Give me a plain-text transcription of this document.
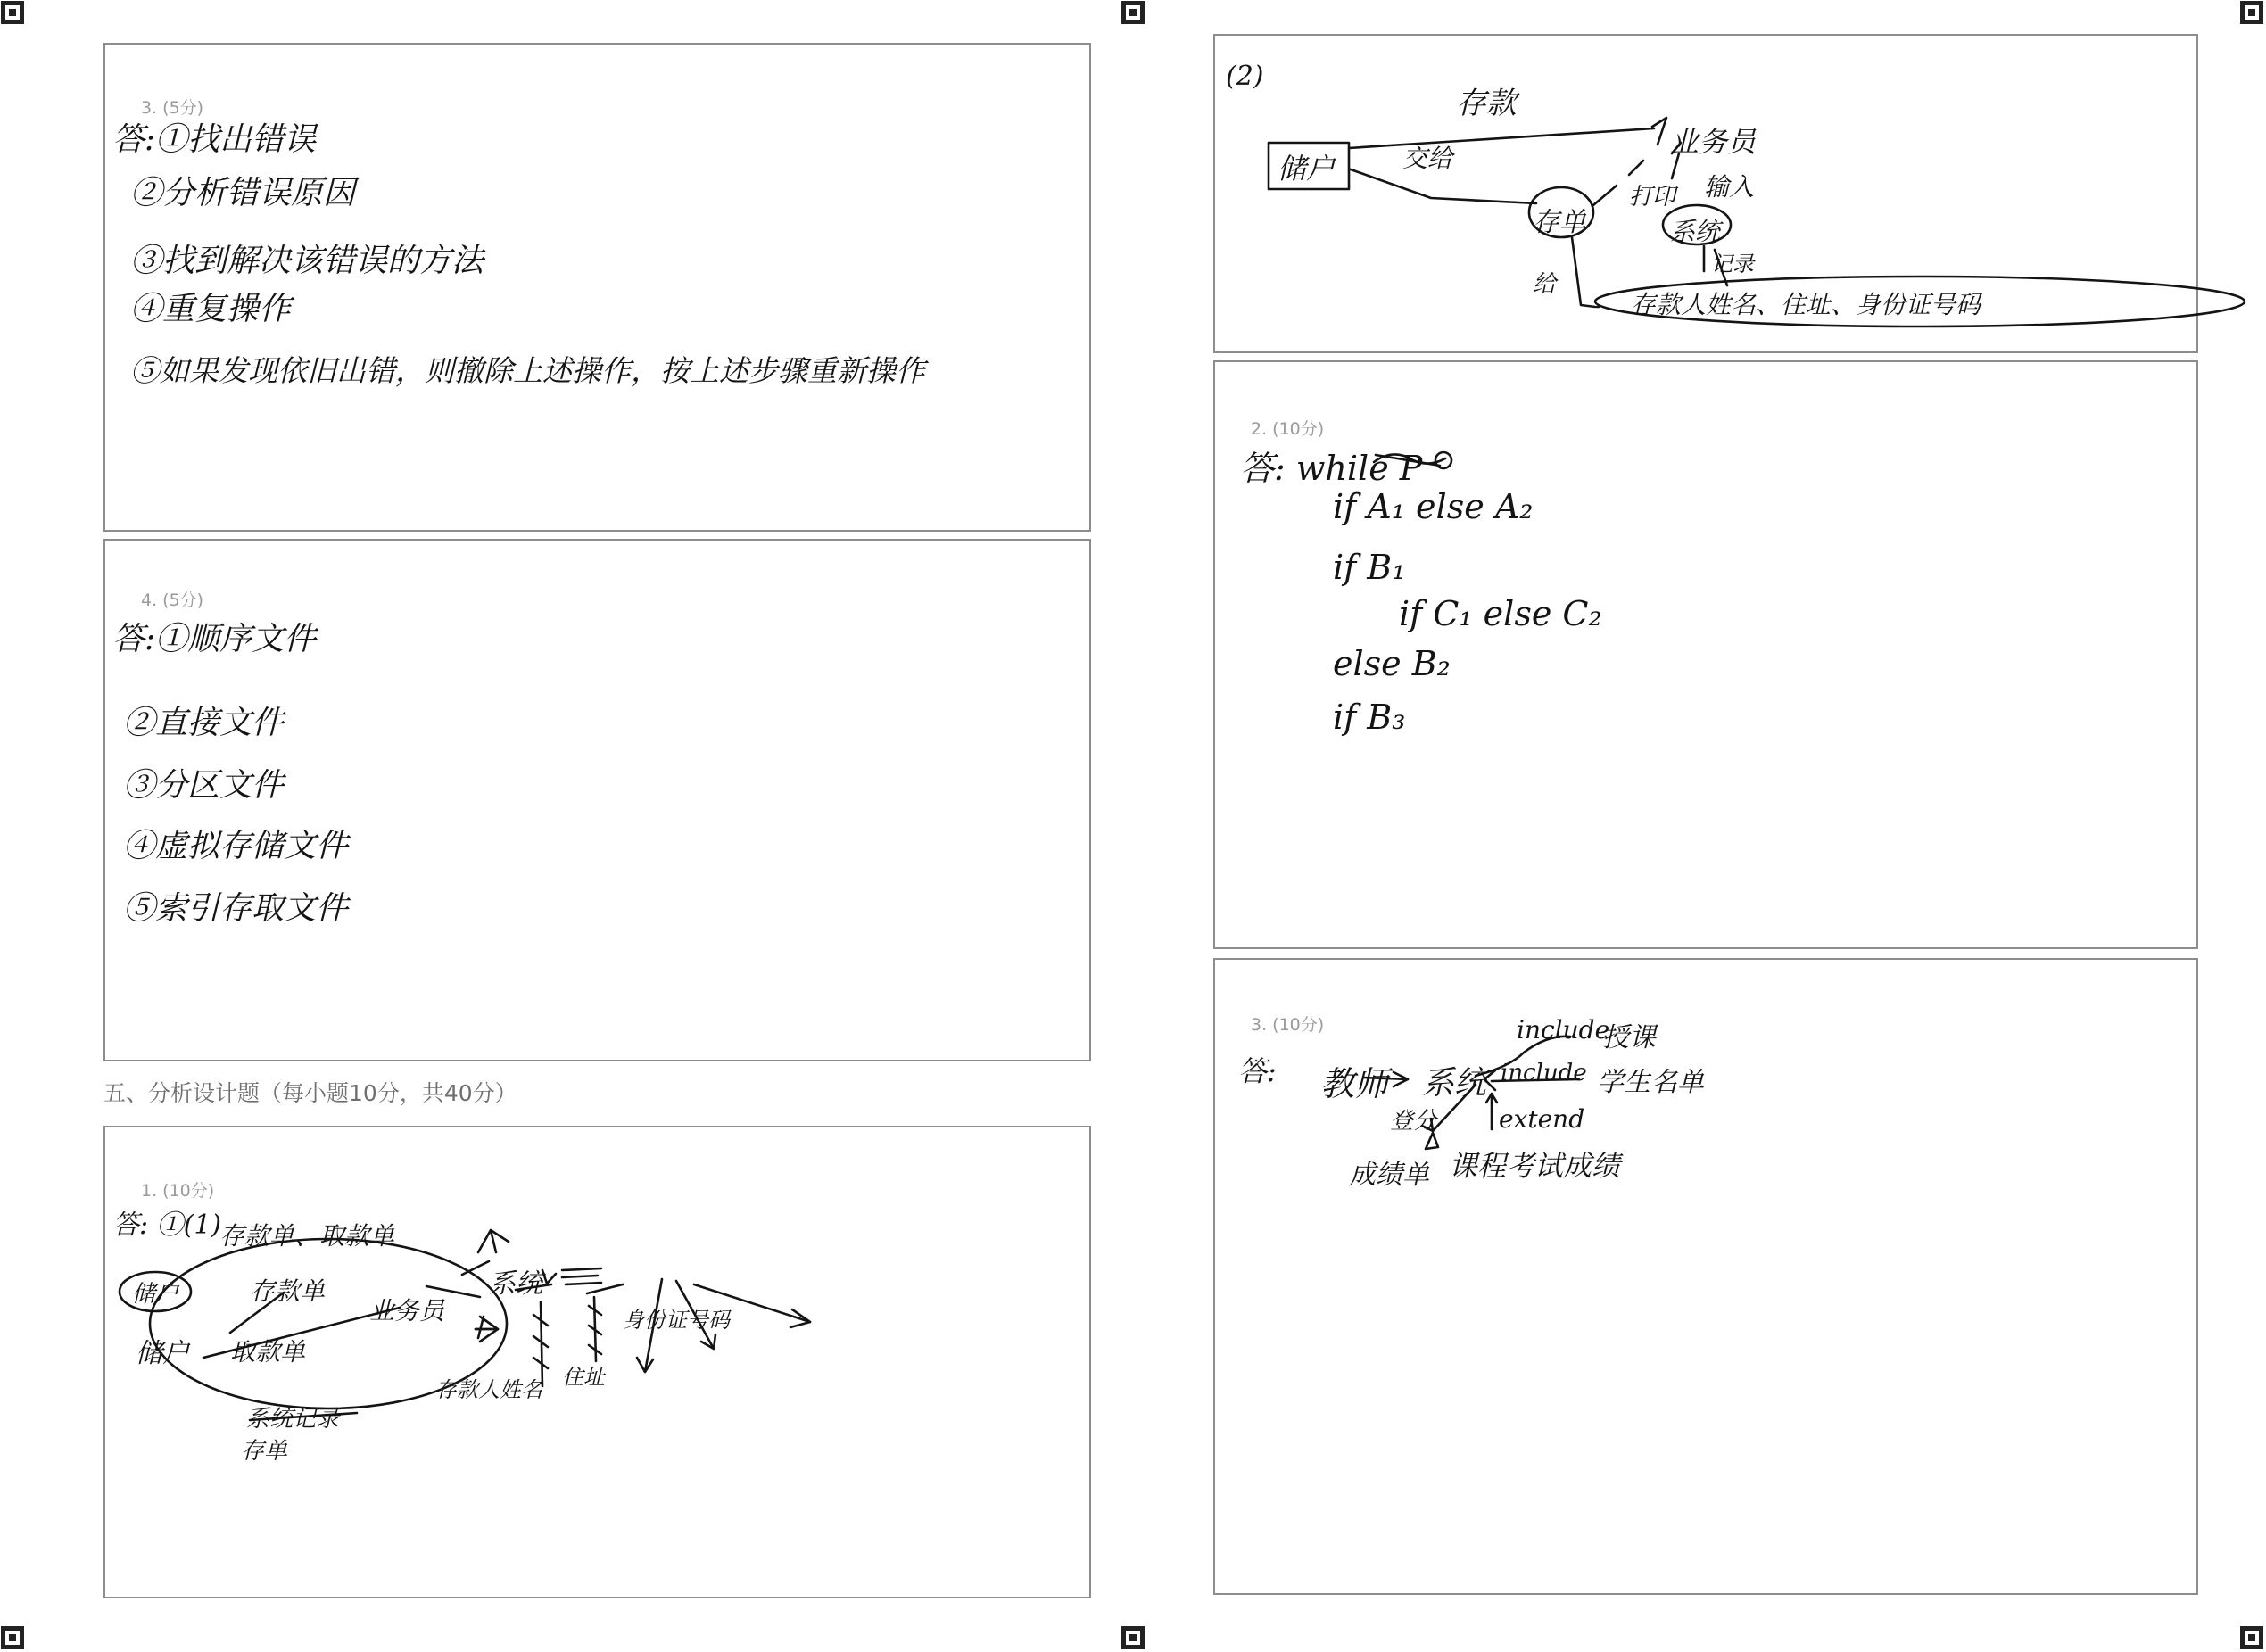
3. (5分)
答:①找出错误
②分析错误原因
③找到解决该错误的方法
④重复操作
⑤如果发现依旧出错，则撤除上述操作，按上述步骤重新操作
4. (5分)
答:①顺序文件
②直接文件
③分区文件
④虚拟存储文件
⑤索引存取文件
五、分析设计题（每小题10分，共40分）
1. (10分)
答: ①(1)
存款单、取款单
储户	存款单
业务员
储户 取款单
系统
身份证号码
存款人姓名 住址
系统记录
存单
(2)
储户
存款
交给	业务员
存单
打印 输入
系统
记录
给
存款人姓名、住址、身份证号码
2. (10分)
答: while P
if A₁ else A₂
if B₁
if C₁ else C₂
else B₂
if B₃
3. (10分)
答: 教师 系统
include
授课
include 学生名单
extend
登分
成绩单 课程考试成绩
